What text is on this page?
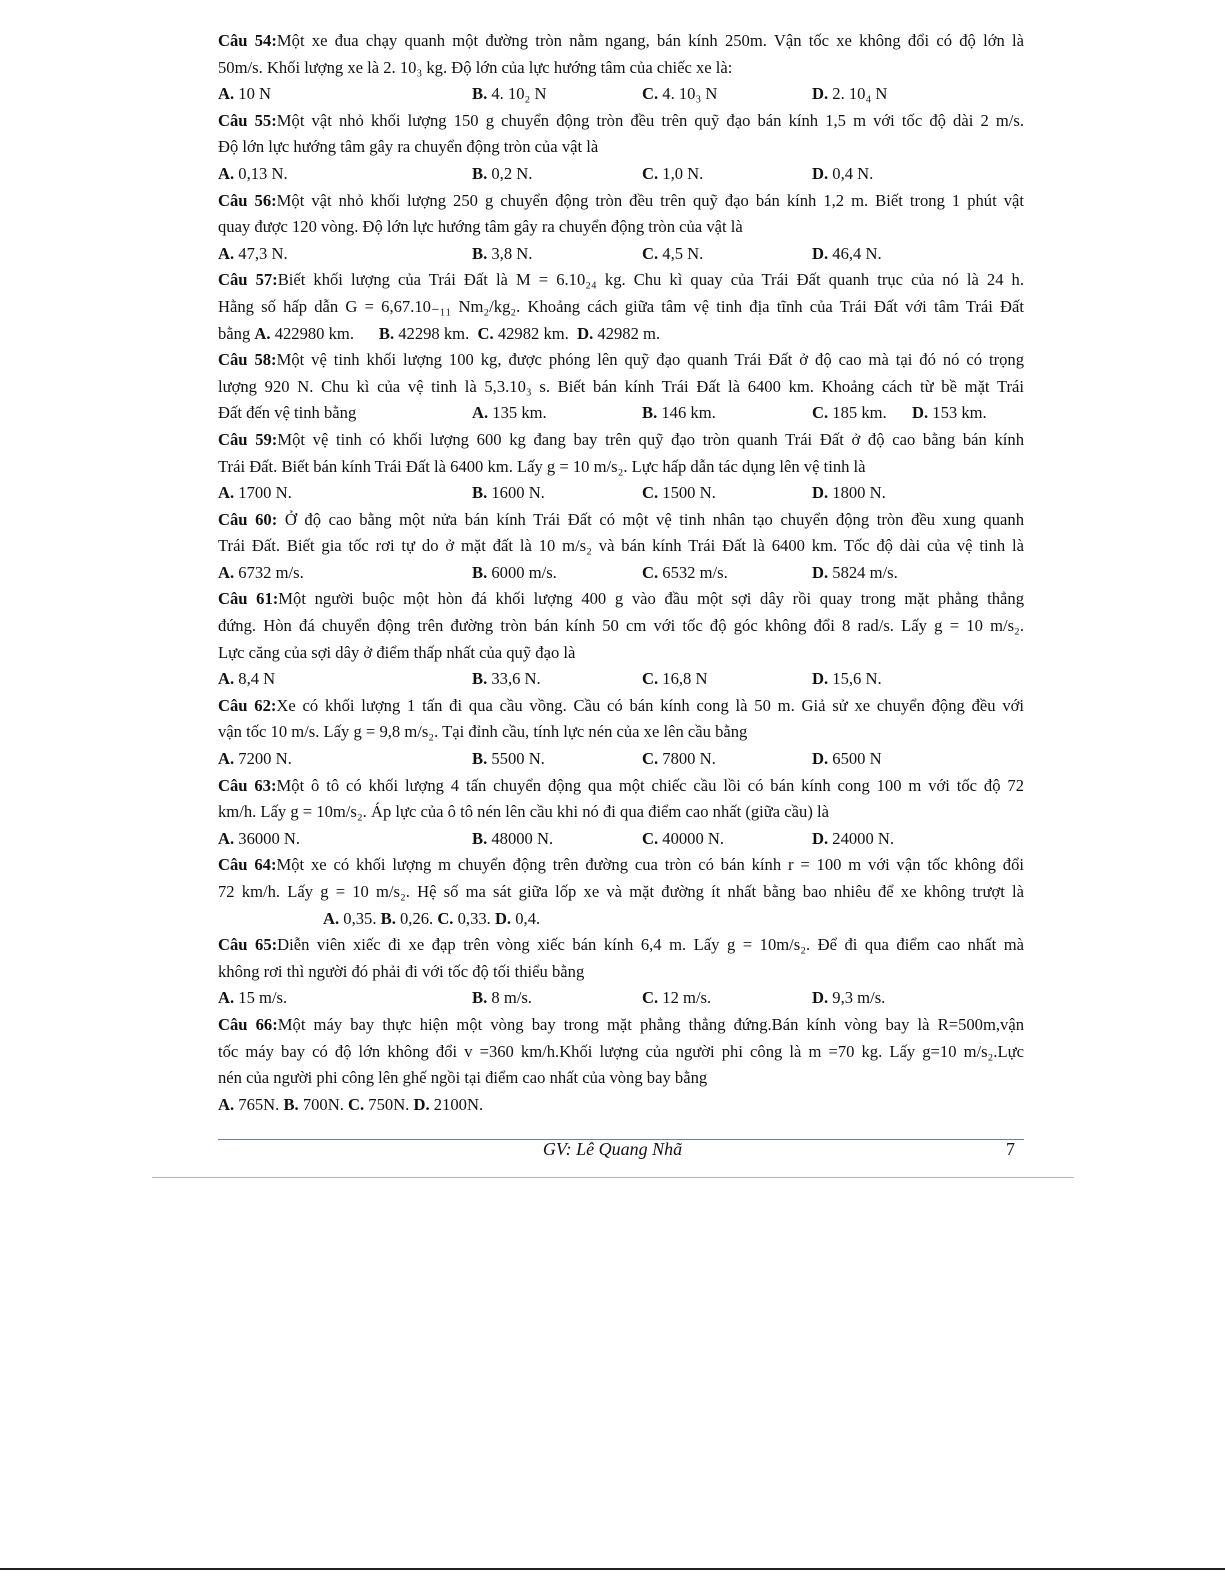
Câu 54:Một xe đua chạy quanh một đường tròn nằm ngang, bán kính 250m. Vận tốc xe không đổi có độ lớn là
50m/s. Khối lượng xe là 2. 10₃ kg. Độ lớn của lực hướng tâm của chiếc xe là:
A. 10 N	B. 4. 10₂ N	C. 4. 10₃ N	D. 2. 10₄ N
Câu 55:Một vật nhỏ khối lượng 150 g chuyển động tròn đều trên quỹ đạo bán kính 1,5 m với tốc độ dài 2 m/s.
Độ lớn lực hướng tâm gây ra chuyển động tròn của vật là
A. 0,13 N.	B. 0,2 N.	C. 1,0 N.	D. 0,4 N.
Câu 56:Một vật nhỏ khối lượng 250 g chuyển động tròn đều trên quỹ đạo bán kính 1,2 m. Biết trong 1 phút vật
quay được 120 vòng. Độ lớn lực hướng tâm gây ra chuyển động tròn của vật là
A. 47,3 N.	B. 3,8 N.	C. 4,5 N.	D. 46,4 N.
Câu 57:Biết khối lượng của Trái Đất là M = 6.10₂₄ kg. Chu kì quay của Trái Đất quanh trục của nó là 24 h.
Hằng số hấp dẫn G = 6,67.10₋₁₁ Nm₂/kg₂. Khoảng cách giữa tâm vệ tinh địa tĩnh của Trái Đất với tâm Trái Đất
bằng A. 422980 km. B. 42298 km. C. 42982 km. D. 42982 m.
Câu 58:Một vệ tinh khối lượng 100 kg, được phóng lên quỹ đạo quanh Trái Đất ở độ cao mà tại đó nó có trọng
lượng 920 N. Chu kì của vệ tinh là 5,3.10₃ s. Biết bán kính Trái Đất là 6400 km. Khoảng cách từ bề mặt Trái
Đất đến vệ tinh bằng	A. 135 km.	B. 146 km.	C. 185 km. D. 153 km.
Câu 59:Một vệ tinh có khối lượng 600 kg đang bay trên quỹ đạo tròn quanh Trái Đất ở độ cao bằng bán kính
Trái Đất. Biết bán kính Trái Đất là 6400 km. Lấy g = 10 m/s₂. Lực hấp dẫn tác dụng lên vệ tinh là
A. 1700 N.	B. 1600 N.	C. 1500 N.	D. 1800 N.
Câu 60: Ở độ cao bằng một nửa bán kính Trái Đất có một vệ tinh nhân tạo chuyển động tròn đều xung quanh
Trái Đất. Biết gia tốc rơi tự do ở mặt đất là 10 m/s₂ và bán kính Trái Đất là 6400 km. Tốc độ dài của vệ tinh là
A. 6732 m/s.	B. 6000 m/s.	C. 6532 m/s.	D. 5824 m/s.
Câu 61:Một người buộc một hòn đá khối lượng 400 g vào đầu một sợi dây rồi quay trong mặt phẳng thẳng
đứng. Hòn đá chuyển động trên đường tròn bán kính 50 cm với tốc độ góc không đổi 8 rad/s. Lấy g = 10 m/s₂.
Lực căng của sợi dây ở điểm thấp nhất của quỹ đạo là
A. 8,4 N	B. 33,6 N.	C. 16,8 N	D. 15,6 N.
Câu 62:Xe có khối lượng 1 tấn đi qua cầu vồng. Cầu có bán kính cong là 50 m. Giả sử xe chuyển động đều với
vận tốc 10 m/s. Lấy g = 9,8 m/s₂. Tại đỉnh cầu, tính lực nén của xe lên cầu bằng
A. 7200 N.	B. 5500 N.	C. 7800 N.	D. 6500 N
Câu 63:Một ô tô có khối lượng 4 tấn chuyển động qua một chiếc cầu lồi có bán kính cong 100 m với tốc độ 72
km/h. Lấy g = 10m/s₂. Áp lực của ô tô nén lên cầu khi nó đi qua điểm cao nhất (giữa cầu) là
A. 36000 N.	B. 48000 N.	C. 40000 N.	D. 24000 N.
Câu 64:Một xe có khối lượng m chuyển động trên đường cua tròn có bán kính r = 100 m với vận tốc không đổi
72 km/h. Lấy g = 10 m/s₂. Hệ số ma sát giữa lốp xe và mặt đường ít nhất bằng bao nhiêu để xe không trượt là
A. 0,35. B. 0,26. C. 0,33. D. 0,4.
Câu 65:Diễn viên xiếc đi xe đạp trên vòng xiếc bán kính 6,4 m. Lấy g = 10m/s₂. Để đi qua điểm cao nhất mà
không rơi thì người đó phải đi với tốc độ tối thiểu bằng
A. 15 m/s.	B. 8 m/s.	C. 12 m/s.	D. 9,3 m/s.
Câu 66:Một máy bay thực hiện một vòng bay trong mặt phẳng thẳng đứng.Bán kính vòng bay là R=500m,vận
tốc máy bay có độ lớn không đổi v =360 km/h.Khối lượng của người phi công là m =70 kg. Lấy g=10 m/s₂.Lực
nén của người phi công lên ghế ngồi tại điểm cao nhất của vòng bay bằng
A. 765N. B. 700N. C. 750N. D. 2100N.
GV: Lê Quang Nhã	7
